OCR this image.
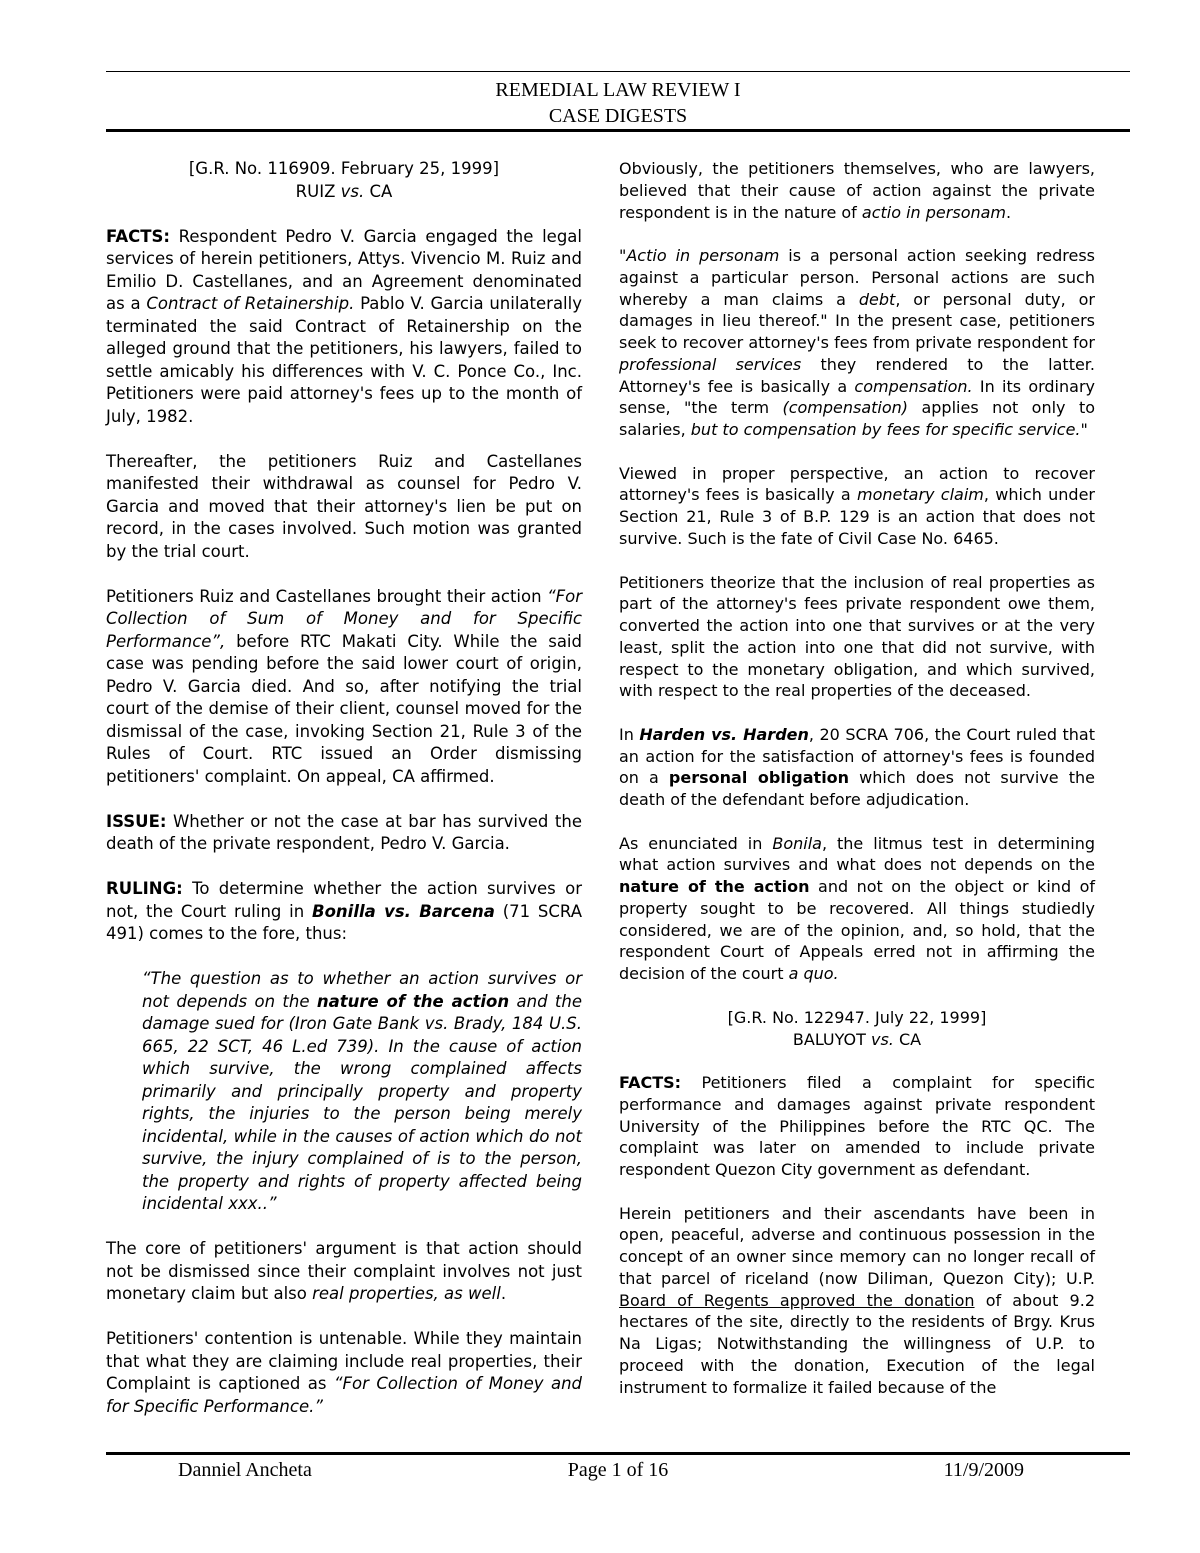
REMEDIAL LAW REVIEW I
CASE DIGESTS
[G.R. No. 116909. February 25, 1999]
RUIZ vs. CA

FACTS: Respondent Pedro V. Garcia engaged the legal services of herein petitioners, Attys. Vivencio M. Ruiz and Emilio D. Castellanes, and an Agreement denominated as a Contract of Retainership. Pablo V. Garcia unilaterally terminated the said Contract of Retainership on the alleged ground that the petitioners, his lawyers, failed to settle amicably his differences with V. C. Ponce Co., Inc. Petitioners were paid attorney's fees up to the month of July, 1982.

Thereafter, the petitioners Ruiz and Castellanes manifested their withdrawal as counsel for Pedro V. Garcia and moved that their attorney's lien be put on record, in the cases involved. Such motion was granted by the trial court.

Petitioners Ruiz and Castellanes brought their action “For Collection of Sum of Money and for Specific Performance”, before RTC Makati City. While the said case was pending before the said lower court of origin, Pedro V. Garcia died. And so, after notifying the trial court of the demise of their client, counsel moved for the dismissal of the case, invoking Section 21, Rule 3 of the Rules of Court. RTC issued an Order dismissing petitioners' complaint. On appeal, CA affirmed.

ISSUE: Whether or not the case at bar has survived the death of the private respondent, Pedro V. Garcia.

RULING: To determine whether the action survives or not, the Court ruling in Bonilla vs. Barcena (71 SCRA 491) comes to the fore, thus:

“The question as to whether an action survives or not depends on the nature of the action and the damage sued for (Iron Gate Bank vs. Brady, 184 U.S. 665, 22 SCT, 46 L.ed 739). In the cause of action which survive, the wrong complained affects primarily and principally property and property rights, the injuries to the person being merely incidental, while in the causes of action which do not survive, the injury complained of is to the person, the property and rights of property affected being incidental xxx..”

The core of petitioners' argument is that action should not be dismissed since their complaint involves not just monetary claim but also real properties, as well.

Petitioners' contention is untenable. While they maintain that what they are claiming include real properties, their Complaint is captioned as “For Collection of Money and for Specific Performance.”

Obviously, the petitioners themselves, who are lawyers, believed that their cause of action against the private respondent is in the nature of actio in personam.

"Actio in personam is a personal action seeking redress against a particular person. Personal actions are such whereby a man claims a debt, or personal duty, or damages in lieu thereof." In the present case, petitioners seek to recover attorney's fees from private respondent for professional services they rendered to the latter. Attorney's fee is basically a compensation. In its ordinary sense, "the term (compensation) applies not only to salaries, but to compensation by fees for specific service."

Viewed in proper perspective, an action to recover attorney's fees is basically a monetary claim, which under Section 21, Rule 3 of B.P. 129 is an action that does not survive. Such is the fate of Civil Case No. 6465.

Petitioners theorize that the inclusion of real properties as part of the attorney's fees private respondent owe them, converted the action into one that survives or at the very least, split the action into one that did not survive, with respect to the monetary obligation, and which survived, with respect to the real properties of the deceased.

In Harden vs. Harden, 20 SCRA 706, the Court ruled that an action for the satisfaction of attorney's fees is founded on a personal obligation which does not survive the death of the defendant before adjudication.

As enunciated in Bonila, the litmus test in determining what action survives and what does not depends on the nature of the action and not on the object or kind of property sought to be recovered. All things studiedly considered, we are of the opinion, and, so hold, that the respondent Court of Appeals erred not in affirming the decision of the court a quo.

[G.R. No. 122947. July 22, 1999]
BALUYOT vs. CA

FACTS: Petitioners filed a complaint for specific performance and damages against private respondent University of the Philippines before the RTC QC. The complaint was later on amended to include private respondent Quezon City government as defendant.

Herein petitioners and their ascendants have been in open, peaceful, adverse and continuous possession in the concept of an owner since memory can no longer recall of that parcel of riceland (now Diliman, Quezon City); U.P. Board of Regents approved the donation of about 9.2 hectares of the site, directly to the residents of Brgy. Krus Na Ligas; Notwithstanding the willingness of U.P. to proceed with the donation, Execution of the legal instrument to formalize it failed because of the

Danniel Ancheta	Page 1 of 16	11/9/2009
